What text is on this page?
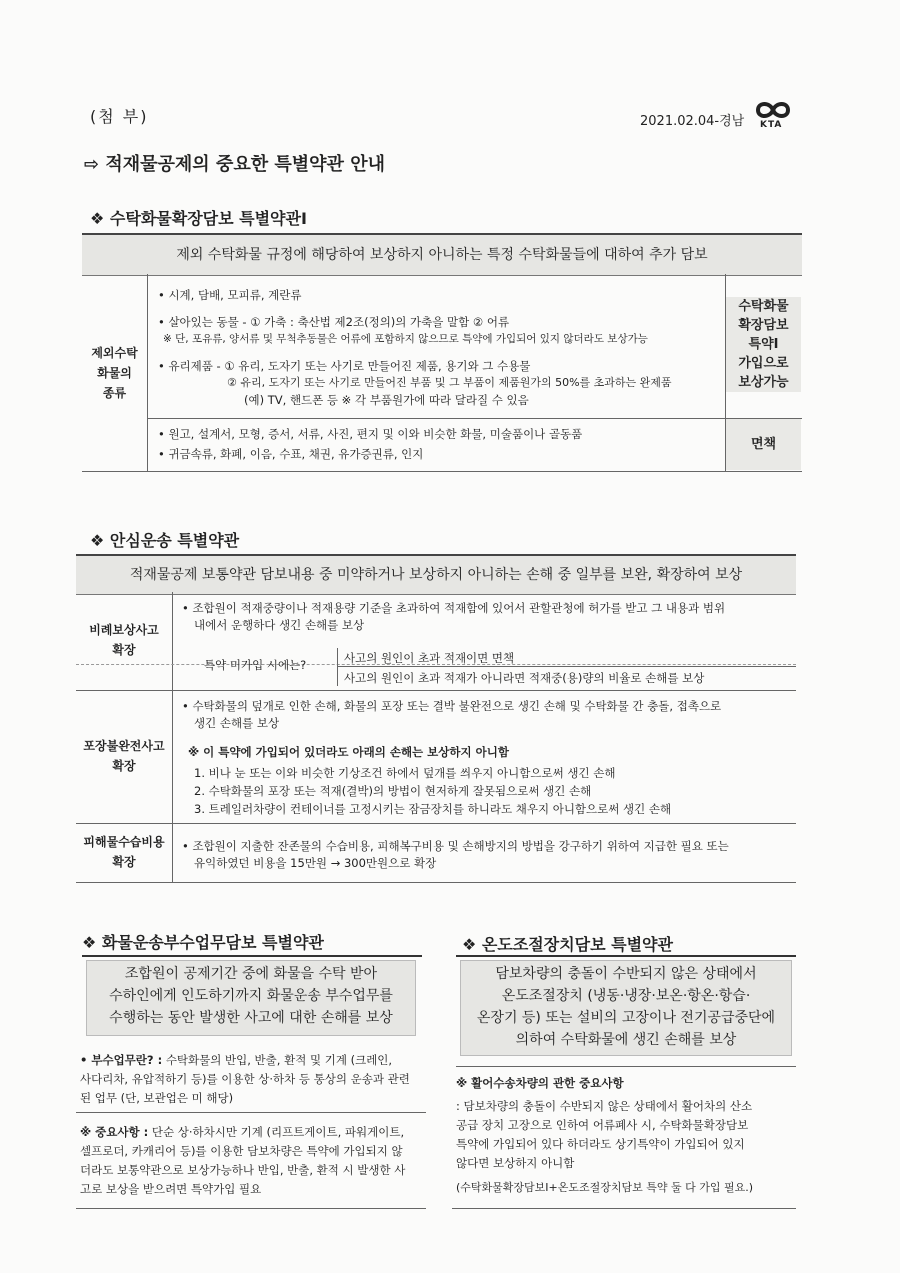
(첨 부)	2021.02.04-경남 KTA
⇨ 적재물공제의 중요한 특별약관 안내
❖ 수탁화물확장담보 특별약관Ⅰ
제외 수탁화물 규정에 해당하여 보상하지 아니하는 특정 수탁화물들에 대하여 추가 담보
제외수탁
화물의
종류
• 시계, 담배, 모피류, 계란류
• 살아있는 동물 - ① 가축 : 축산법 제2조(정의)의 가축을 말함 ② 어류
※ 단, 포유류, 양서류 및 무척추동물은 어류에 포함하지 않으므로 특약에 가입되어 있지 않더라도 보상가능
• 유리제품 - ① 유리, 도자기 또는 사기로 만들어진 제품, 용기와 그 수용물
② 유리, 도자기 또는 사기로 만들어진 부품 및 그 부품이 제품원가의 50%를 초과하는 완제품
(예) TV, 핸드폰 등 ※ 각 부품원가에 따라 달라질 수 있음
수탁화물
확장담보
특약Ⅰ
가입으로
보상가능
• 원고, 설계서, 모형, 증서, 서류, 사진, 편지 및 이와 비슷한 화물, 미술품이나 골동품
• 귀금속류, 화폐, 이음, 수표, 채권, 유가증권류, 인지
면책
❖ 안심운송 특별약관
적재물공제 보통약관 담보내용 중 미약하거나 보상하지 아니하는 손해 중 일부를 보완, 확장하여 보상
비례보상사고
확장
• 조합원이 적재중량이나 적재용량 기준을 초과하여 적재함에 있어서 관할관청에 허가를 받고 그 내용과 범위
내에서 운행하다 생긴 손해를 보상
특약 미가입 시에는?	사고의 원인이 초과 적재이면 면책
사고의 원인이 초과 적재가 아니라면 적재중(용)량의 비율로 손해를 보상
포장불완전사고
확장
• 수탁화물의 덮개로 인한 손해, 화물의 포장 또는 결박 불완전으로 생긴 손해 및 수탁화물 간 충돌, 접촉으로
생긴 손해를 보상
※ 이 특약에 가입되어 있더라도 아래의 손해는 보상하지 아니함
1. 비나 눈 또는 이와 비슷한 기상조건 하에서 덮개를 씌우지 아니함으로써 생긴 손해
2. 수탁화물의 포장 또는 적재(결박)의 방법이 현저하게 잘못됨으로써 생긴 손해
3. 트레일러차량이 컨테이너를 고정시키는 잠금장치를 하니라도 채우지 아니함으로써 생긴 손해
피해물수습비용
확장
• 조합원이 지출한 잔존물의 수습비용, 피해복구비용 및 손해방지의 방법을 강구하기 위하여 지급한 필요 또는
유익하였던 비용을 15만원 → 300만원으로 확장
❖ 화물운송부수업무담보 특별약관
조합원이 공제기간 중에 화물을 수탁 받아
수하인에게 인도하기까지 화물운송 부수업무를
수행하는 동안 발생한 사고에 대한 손해를 보상
• 부수업무란? : 수탁화물의 반입, 반출, 환적 및 기계 (크레인,
사다리차, 유압적하기 등)를 이용한 상·하차 등 통상의 운송과 관련
된 업무 (단, 보관업은 미 해당)
※ 중요사항 : 단순 상·하차시만 기계 (리프트게이트, 파워게이트,
셀프로더, 카캐리어 등)를 이용한 담보차량은 특약에 가입되지 않
더라도 보통약관으로 보상가능하나 반입, 반출, 환적 시 발생한 사
고로 보상을 받으려면 특약가입 필요
❖ 온도조절장치담보 특별약관
담보차량의 충돌이 수반되지 않은 상태에서
온도조절장치 (냉동·냉장·보온·항온·항습·
온장기 등) 또는 설비의 고장이나 전기공급중단에
의하여 수탁화물에 생긴 손해를 보상
※ 활어수송차량의 관한 중요사항
: 담보차량의 충돌이 수반되지 않은 상태에서 활어차의 산소
공급 장치 고장으로 인하여 어류폐사 시, 수탁화물확장담보
특약에 가입되어 있다 하더라도 상기특약이 가입되어 있지
않다면 보상하지 아니함
(수탁화물확장담보Ⅰ+온도조절장치담보 특약 둘 다 가입 필요.)
